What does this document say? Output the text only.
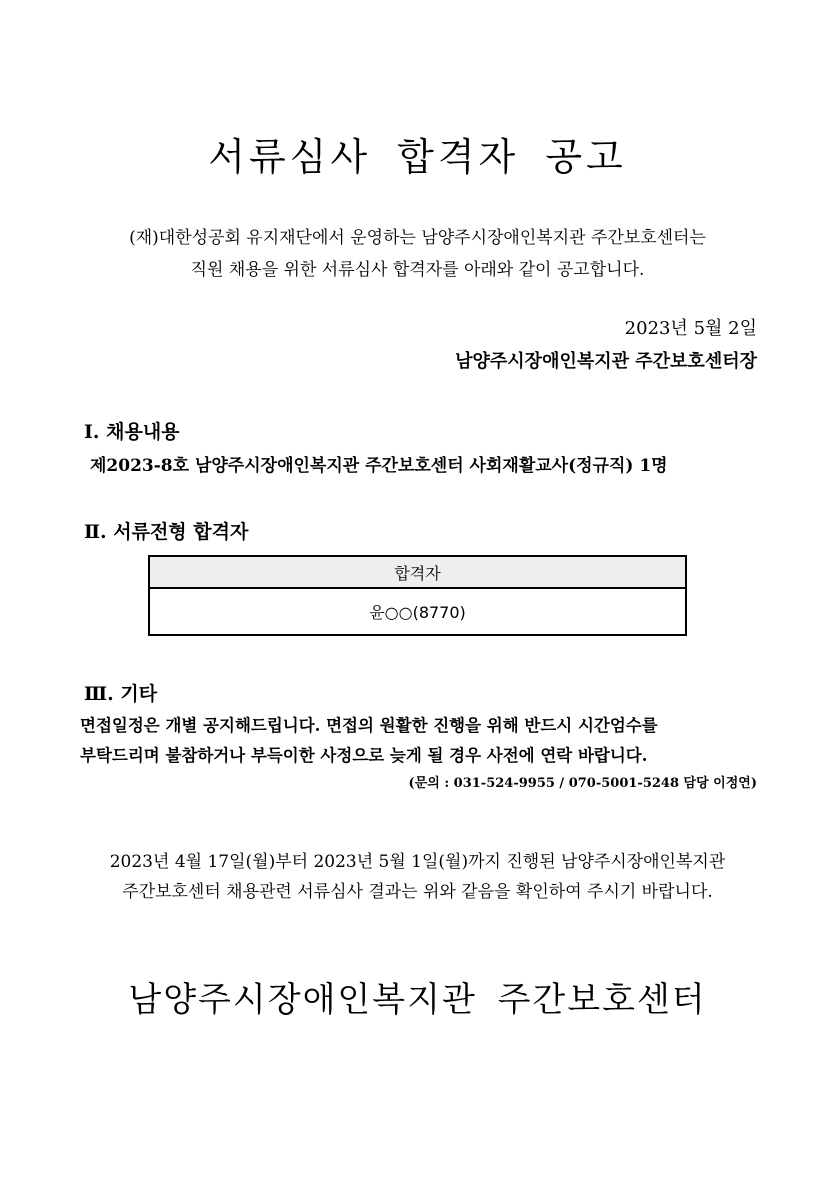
서류심사 합격자 공고
(재)대한성공회 유지재단에서 운영하는 남양주시장애인복지관 주간보호센터는
직원 채용을 위한 서류심사 합격자를 아래와 같이 공고합니다.
2023년 5월 2일
남양주시장애인복지관 주간보호센터장
Ⅰ. 채용내용
제2023-8호 남양주시장애인복지관 주간보호센터 사회재활교사(정규직) 1명
Ⅱ. 서류전형 합격자
합격자
윤○○(8770)
Ⅲ. 기타
면접일정은 개별 공지해드립니다. 면접의 원활한 진행을 위해 반드시 시간엄수를
부탁드리며 불참하거나 부득이한 사정으로 늦게 될 경우 사전에 연락 바랍니다.
(문의 : 031-524-9955 / 070-5001-5248 담당 이정연)
2023년 4월 17일(월)부터 2023년 5월 1일(월)까지 진행된 남양주시장애인복지관
주간보호센터 채용관련 서류심사 결과는 위와 같음을 확인하여 주시기 바랍니다.
남양주시장애인복지관 주간보호센터
